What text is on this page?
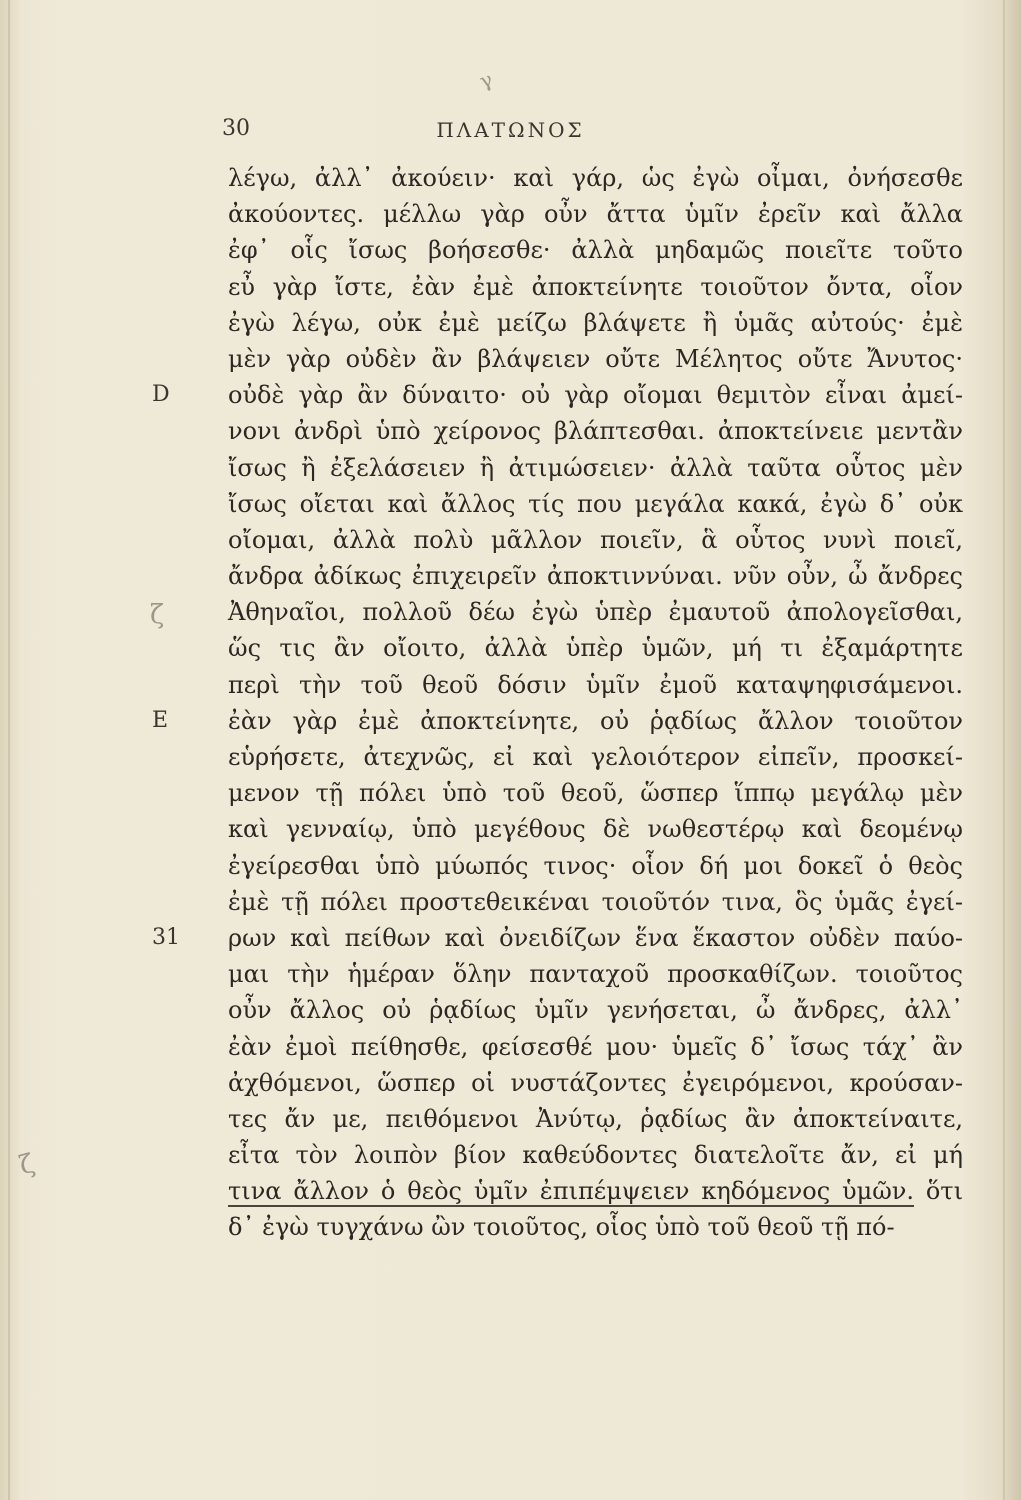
γ
ζ
ζ
30	ΠΛΑΤΩΝΟΣ
λέγω, ἀλλ᾽ ἀκούειν· καὶ γάρ, ὡς ἐγὼ οἶμαι, ὀνήσεσθε
ἀκούοντες. μέλλω γὰρ οὖν ἄττα ὑμῖν ἐρεῖν καὶ ἄλλα
ἐφ᾽ οἷς ἴσως βοήσεσθε· ἀλλὰ μηδαμῶς ποιεῖτε τοῦτο
εὖ γὰρ ἴστε, ἐὰν ἐμὲ ἀποκτείνητε τοιοῦτον ὄντα, οἷον
ἐγὼ λέγω, οὐκ ἐμὲ μείζω βλάψετε ἢ ὑμᾶς αὐτούς· ἐμὲ
μὲν γὰρ οὐδὲν ἂν βλάψειεν οὔτε Μέλητος οὔτε Ἄνυτος·
D	οὐδὲ γὰρ ἂν δύναιτο· οὐ γὰρ οἴομαι θεμιτὸν εἶναι ἀμεί-
νονι ἀνδρὶ ὑπὸ χείρονος βλάπτεσθαι. ἀποκτείνειε μεντἂν
ἴσως ἢ ἐξελάσειεν ἢ ἀτιμώσειεν· ἀλλὰ ταῦτα οὗτος μὲν
ἴσως οἴεται καὶ ἄλλος τίς που μεγάλα κακά, ἐγὼ δ᾽ οὐκ
οἴομαι, ἀλλὰ πολὺ μᾶλλον ποιεῖν, ἃ οὗτος νυνὶ ποιεῖ,
ἄνδρα ἀδίκως ἐπιχειρεῖν ἀποκτιννύναι. νῦν οὖν, ὦ ἄνδρες
Ἀθηναῖοι, πολλοῦ δέω ἐγὼ ὑπὲρ ἐμαυτοῦ ἀπολογεῖσθαι,
ὥς τις ἂν οἴοιτο, ἀλλὰ ὑπὲρ ὑμῶν, μή τι ἐξαμάρτητε
περὶ τὴν τοῦ θεοῦ δόσιν ὑμῖν ἐμοῦ καταψηφισάμενοι.
E	ἐὰν γὰρ ἐμὲ ἀποκτείνητε, οὐ ῥᾳδίως ἄλλον τοιοῦτον
εὑρήσετε, ἀτεχνῶς, εἰ καὶ γελοιότερον εἰπεῖν, προσκεί-
μενον τῇ πόλει ὑπὸ τοῦ θεοῦ, ὥσπερ ἵππῳ μεγάλῳ μὲν
καὶ γενναίῳ, ὑπὸ μεγέθους δὲ νωθεστέρῳ καὶ δεομένῳ
ἐγείρεσθαι ὑπὸ μύωπός τινος· οἷον δή μοι δοκεῖ ὁ θεὸς
ἐμὲ τῇ πόλει προστεθεικέναι τοιοῦτόν τινα, ὃς ὑμᾶς ἐγεί-
31	ρων καὶ πείθων καὶ ὀνειδίζων ἕνα ἕκαστον οὐδὲν παύο-
μαι τὴν ἡμέραν ὅλην πανταχοῦ προσκαθίζων. τοιοῦτος
οὖν ἄλλος οὐ ῥᾳδίως ὑμῖν γενήσεται, ὦ ἄνδρες, ἀλλ᾽
ἐὰν ἐμοὶ πείθησθε, φείσεσθέ μου· ὑμεῖς δ᾽ ἴσως τάχ᾽ ἂν
ἀχθόμενοι, ὥσπερ οἱ νυστάζοντες ἐγειρόμενοι, κρούσαν-
τες ἄν με, πειθόμενοι Ἀνύτῳ, ῥᾳδίως ἂν ἀποκτείναιτε,
εἶτα τὸν λοιπὸν βίον καθεύδοντες διατελοῖτε ἄν, εἰ μή
τινα ἄλλον ὁ θεὸς ὑμῖν ἐπιπέμψειεν κηδόμενος ὑμῶν. ὅτι
δ᾽ ἐγὼ τυγχάνω ὢν τοιοῦτος, οἷος ὑπὸ τοῦ θεοῦ τῇ πό-
